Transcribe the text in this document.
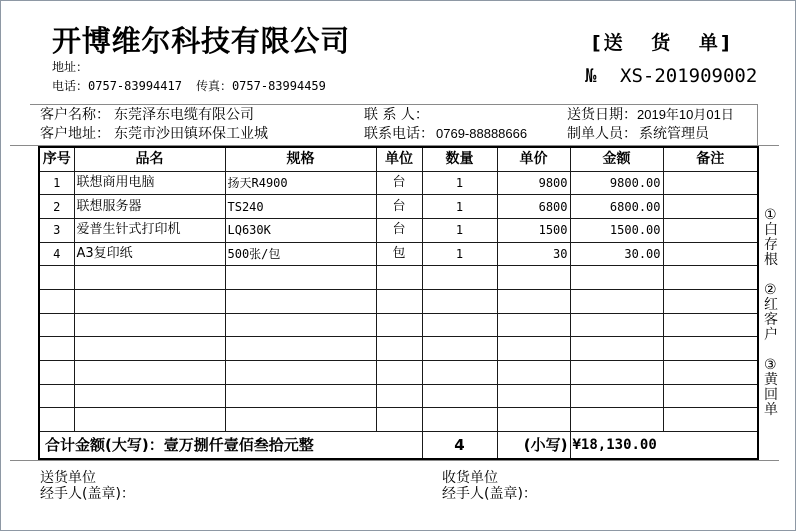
开博维尔科技有限公司
地址：
电话：0757-83994417 传真：0757-83994459
[送 货 单]
№ XS-201909002
客户名称： 东莞泽东电缆有限公司	联 系 人：	送货日期： 2019年10月01日
客户地址： 东莞市沙田镇环保工业城	联系电话： 0769-88888666	制单人员： 系统管理员
序号	品名	规格	单位	数量	单价	金额	备注
1	联想商用电脑	扬天R4900	台	1	9800	9800.00	
2	联想服务器	TS240	台	1	6800	6800.00	
3	爱普生针式打印机	LQ630K	台	1	1500	1500.00	
4	A3复印纸	500张/包	包	1	30	30.00	

合计金额(大写)：壹万捌仟壹佰叁拾元整				4	(小写)	¥18,130.00	
①白存根
②红客户
③黄回单
送货单位
经手人(盖章)：
收货单位
经手人(盖章)：
